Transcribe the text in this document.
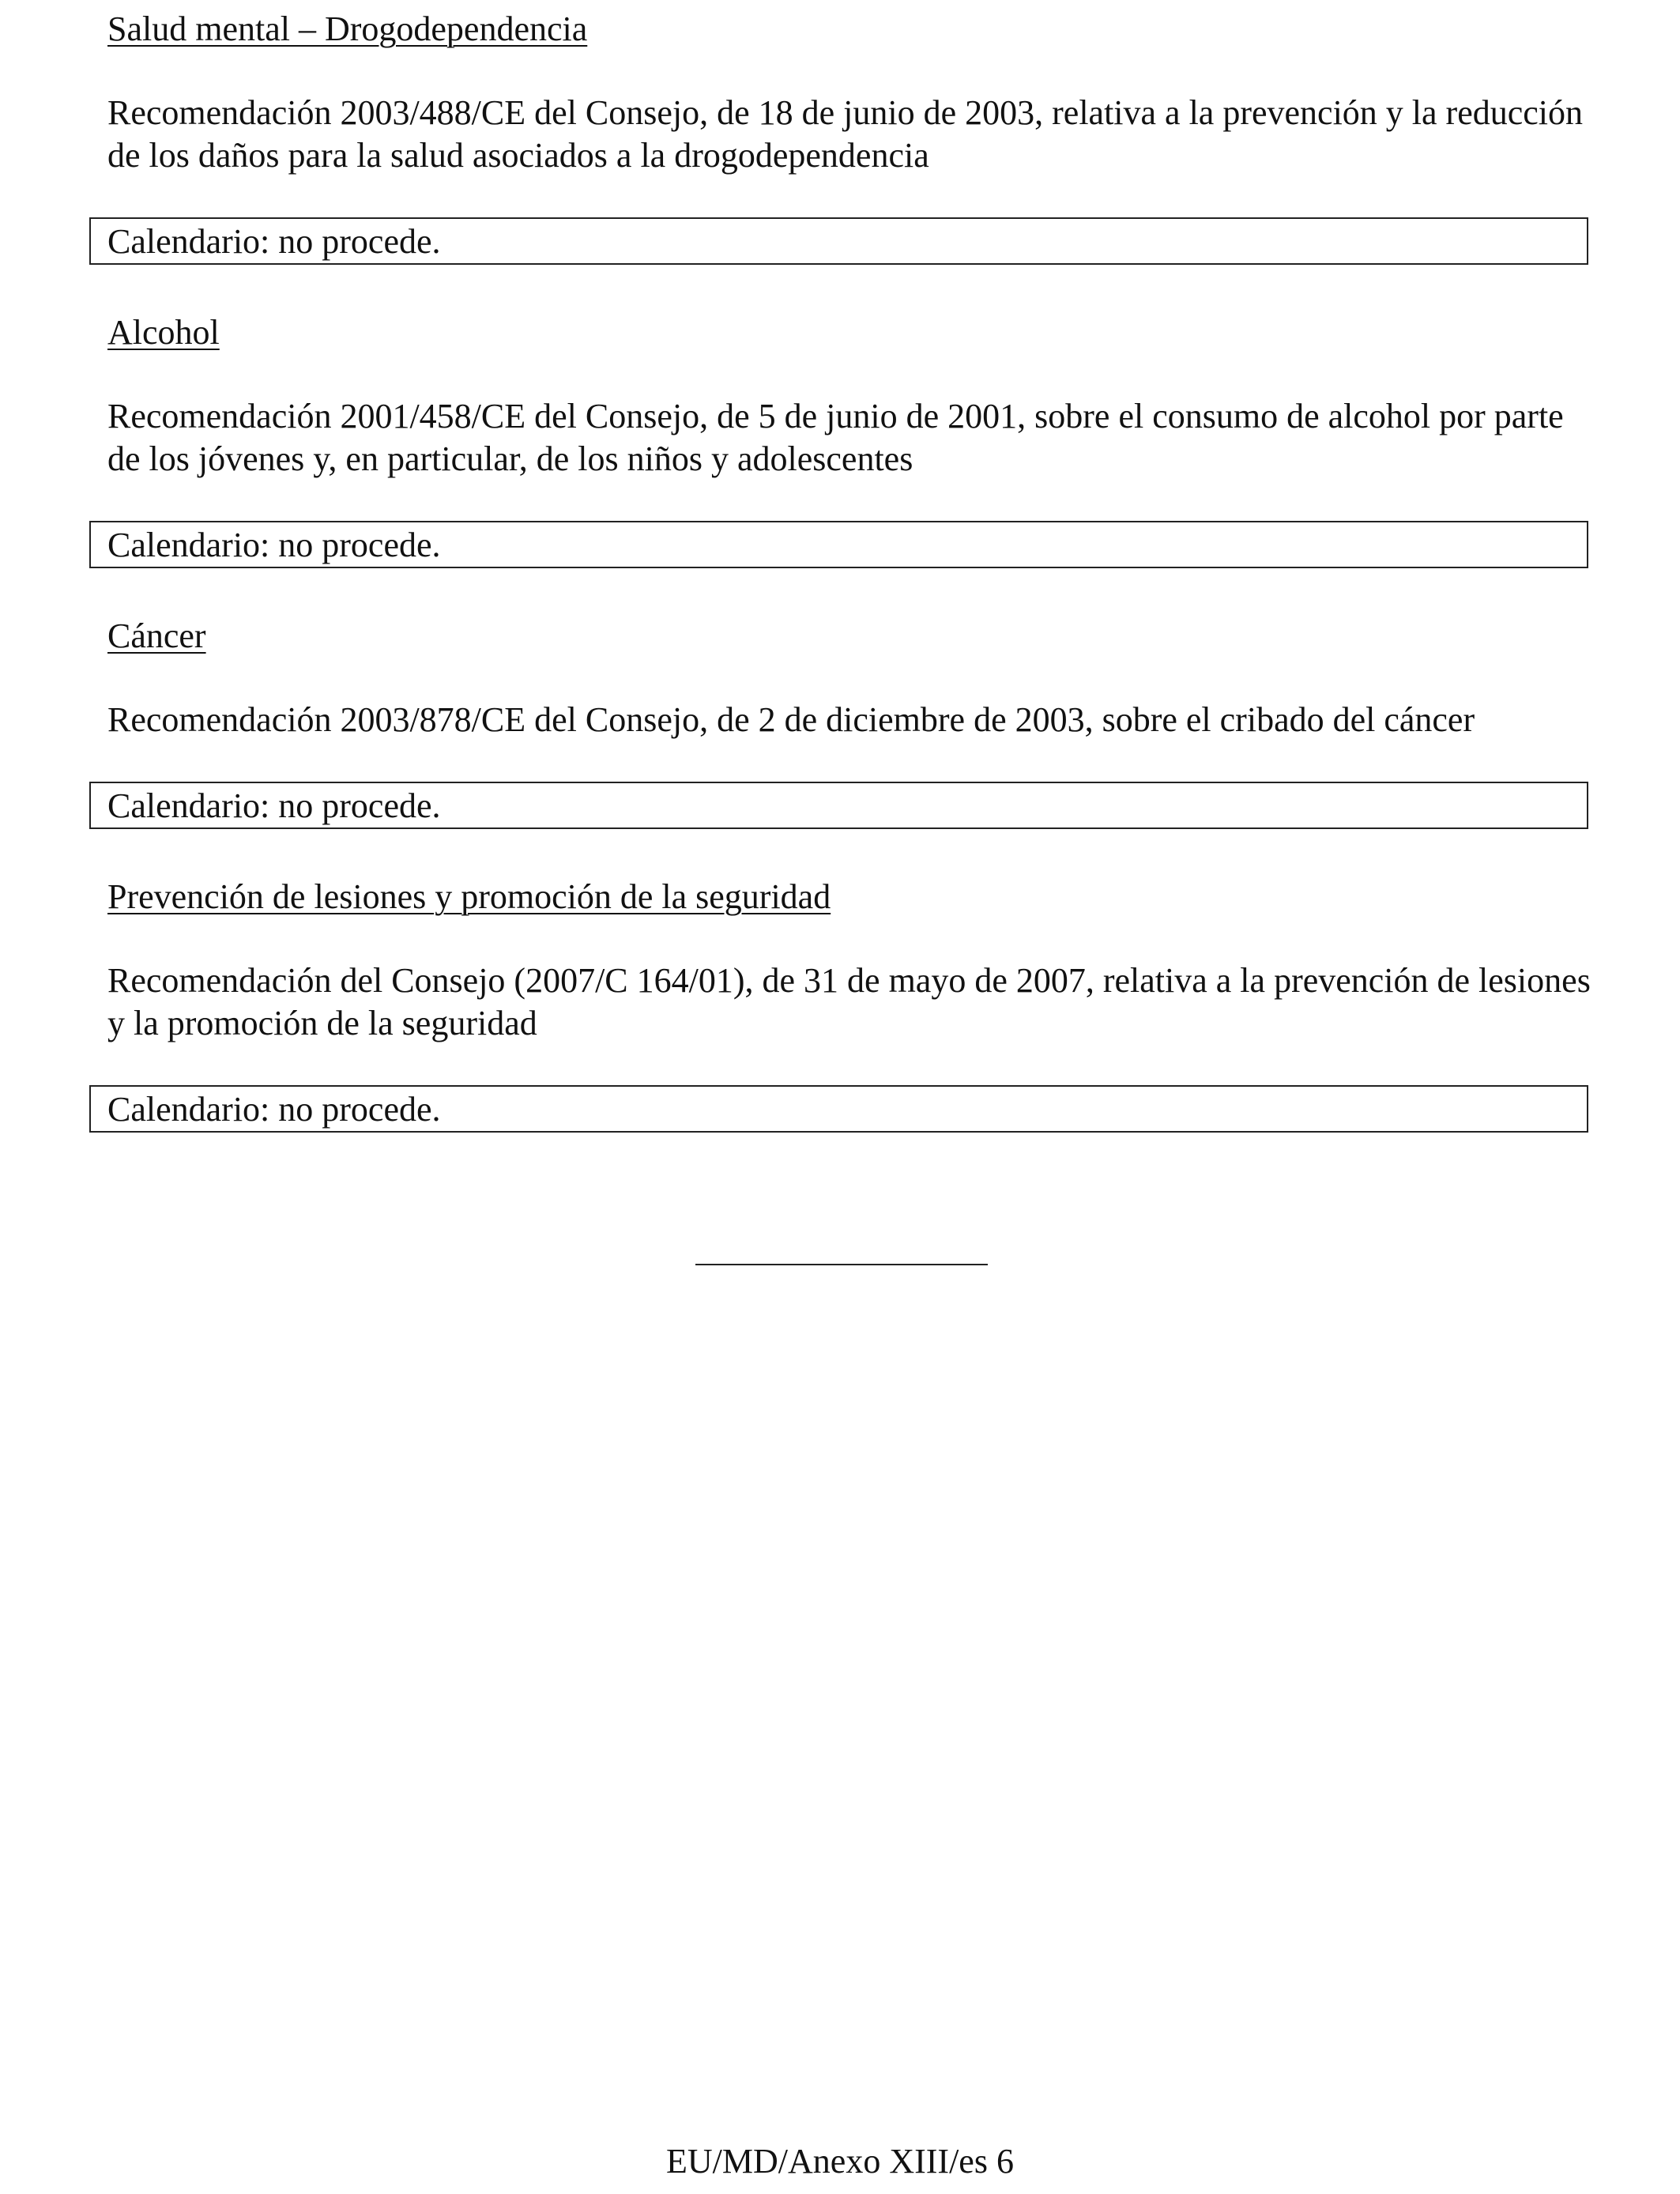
Salud mental – Drogodependencia
Recomendación 2003/488/CE del Consejo, de 18 de junio de 2003, relativa a la prevención y la reducción de los daños para la salud asociados a la drogodependencia
Calendario: no procede.
Alcohol
Recomendación 2001/458/CE del Consejo, de 5 de junio de 2001, sobre el consumo de alcohol por parte de los jóvenes y, en particular, de los niños y adolescentes
Calendario: no procede.
Cáncer
Recomendación 2003/878/CE del Consejo, de 2 de diciembre de 2003, sobre el cribado del cáncer
Calendario: no procede.
Prevención de lesiones y promoción de la seguridad
Recomendación del Consejo (2007/C 164/01), de 31 de mayo de 2007, relativa a la prevención de lesiones y la promoción de la seguridad
Calendario: no procede.
EU/MD/Anexo XIII/es 6
